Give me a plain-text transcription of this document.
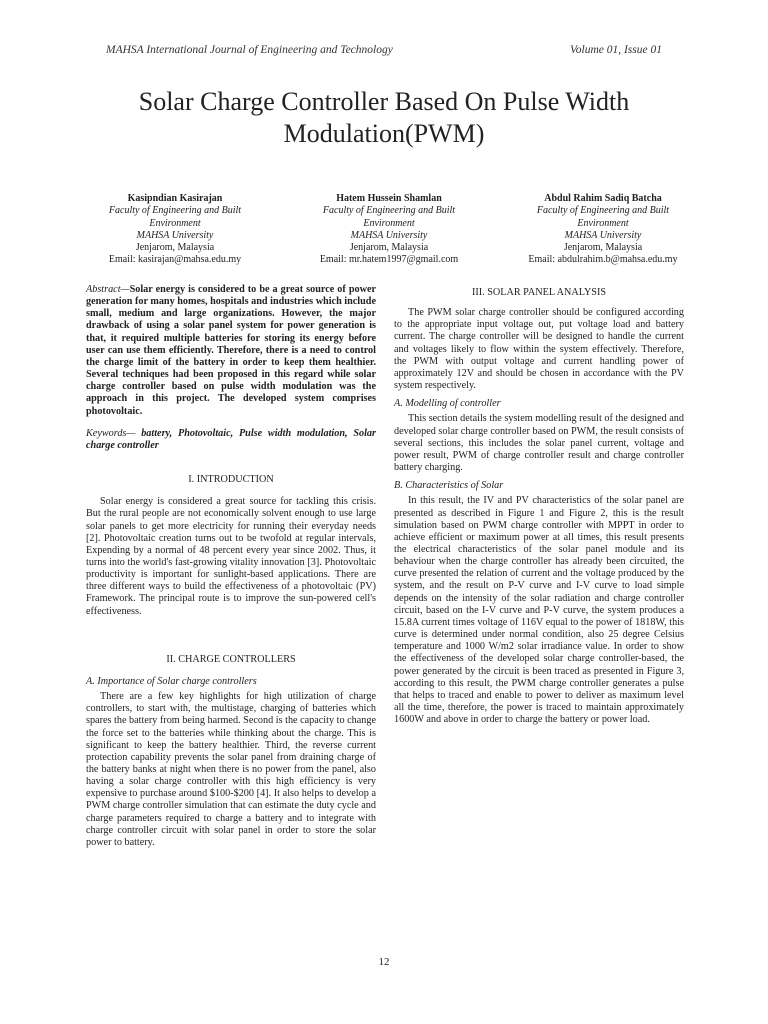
MAHSA International Journal of Engineering and Technology	Volume 01, Issue 01
Solar Charge Controller Based On Pulse Width
Modulation(PWM)
Kasipndian Kasirajan
Faculty of Engineering and Built
Environment
MAHSA University
Jenjarom, Malaysia
Email: kasirajan@mahsa.edu.my
Hatem Hussein Shamlan
Faculty of Engineering and Built
Environment
MAHSA University
Jenjarom, Malaysia
Email: mr.hatem1997@gmail.com
Abdul Rahim Sadiq Batcha
Faculty of Engineering and Built
Environment
MAHSA University
Jenjarom, Malaysia
Email: abdulrahim.b@mahsa.edu.my

Abstract—Solar energy is considered to be a great source of power generation for many homes, hospitals and industries which include small, medium and large organizations. However, the major drawback of using a solar panel system for power generation is that, it required multiple batteries for storing its energy before user can use them efficiently. Therefore, there is a need to control the charge limit of the battery in order to keep them healthier. Several techniques had been proposed in this regard while solar charge controller based on pulse width modulation was the approach in this project. The developed system comprises photovoltaic.

Keywords— battery, Photovoltaic, Pulse width modulation, Solar charge controller

I. INTRODUCTION

Solar energy is considered a great source for tackling this crisis. But the rural people are not economically solvent enough to use large solar panels to get more electricity for running their everyday needs [2]. Photovoltaic creation turns out to be twofold at regular intervals, Expending by a normal of 48 percent every year since 2002. Thus, it turns into the world's fast-growing vitality innovation [3]. Photovoltaic productivity is important for sunlight-based applications. There are three different ways to build the effectiveness of a photovoltaic (PV) Framework. The principal route is to improve the sun-powered cell's effectiveness.

II. CHARGE CONTROLLERS

A. Importance of Solar charge controllers

There are a few key highlights for high utilization of charge controllers, to start with, the multistage, charging of batteries which spares the battery from being harmed. Second is the capacity to change the force set to the batteries while thinking about the charge. This is significant to keep the battery healthier. Third, the reverse current protection capability prevents the solar panel from draining charge of the battery banks at night when there is no power from the panel, also having a solar charge controller with this high efficiency is very expensive to purchase around $100-$200 [4]. It also helps to develop a PWM charge controller simulation that can estimate the duty cycle and charge parameters required to charge a battery and to integrate with charge controller circuit with solar panel in order to store the solar power to battery.

III. SOLAR PANEL ANALYSIS

The PWM solar charge controller should be configured according to the appropriate input voltage out, put voltage load and battery current. The charge controller will be designed to handle the current and voltages likely to flow within the system effectively. Therefore, the PWM with output voltage and current handling power of approximately 12V and should be chosen in accordance with the PV system respectively.

A. Modelling of controller

This section details the system modelling result of the designed and developed solar charge controller based on PWM, the result consists of several sections, this includes the solar panel current, voltage and power result, PWM of charge controller result and charge controller battery charging.

B. Characteristics of Solar

In this result, the IV and PV characteristics of the solar panel are presented as described in Figure 1 and Figure 2, this is the result simulation based on PWM charge controller with MPPT in order to achieve efficient or maximum power at all times, this result presents the electrical characteristics of the solar panel module and its behaviour when the charge controller has already been circuited, the curve presented the relation of current and the voltage produced by the system, and the result on P-V curve and I-V curve to load simple depends on the intensity of the solar radiation and charge controller circuit, based on the I-V curve and P-V curve, the system produces a 15.8A current times voltage of 116V equal to the power of 1818W, this curve is determined under normal condition, also 25 degree Celsius temperature and 1000 W/m2 solar irradiance value. In order to show the effectiveness of the developed solar charge controller-based, the power generated by the circuit is been traced as presented in Figure 3, according to this result, the PWM charge controller generates a pulse that helps to traced and enable to power to deliver as maximum level all the time, therefore, the power is traced to maintain approximately 1600W and above in order to charge the battery or power load.

12
